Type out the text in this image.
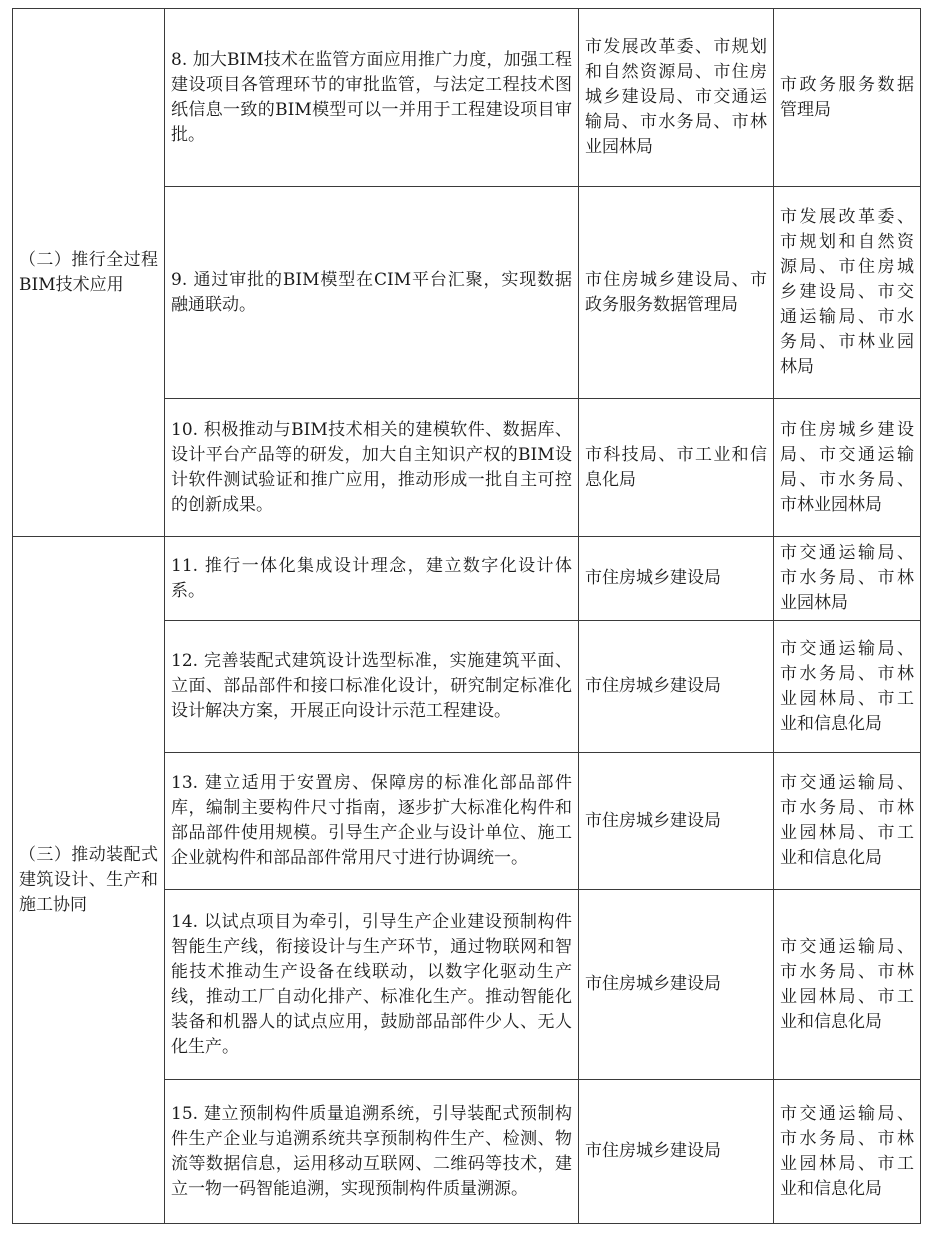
（二）推行全过程BIM技术应用	8. 加大BIM技术在监管方面应用推广力度，加强工程建设项目各管理环节的审批监管，与法定工程技术图纸信息一致的BIM模型可以一并用于工程建设项目审批。	市发展改革委、市规划和自然资源局、市住房城乡建设局、市交通运输局、市水务局、市林业园林局	市政务服务数据管理局
	9. 通过审批的BIM模型在CIM平台汇聚，实现数据融通联动。	市住房城乡建设局、市政务服务数据管理局	市发展改革委、市规划和自然资源局、市住房城乡建设局、市交通运输局、市水务局、市林业园林局
	10. 积极推动与BIM技术相关的建模软件、数据库、设计平台产品等的研发，加大自主知识产权的BIM设计软件测试验证和推广应用，推动形成一批自主可控的创新成果。	市科技局、市工业和信息化局	市住房城乡建设局、市交通运输局、市水务局、市林业园林局
（三）推动装配式建筑设计、生产和施工协同	11. 推行一体化集成设计理念，建立数字化设计体系。	市住房城乡建设局	市交通运输局、市水务局、市林业园林局
	12. 完善装配式建筑设计选型标准，实施建筑平面、立面、部品部件和接口标准化设计，研究制定标准化设计解决方案，开展正向设计示范工程建设。	市住房城乡建设局	市交通运输局、市水务局、市林业园林局、市工业和信息化局
	13. 建立适用于安置房、保障房的标准化部品部件库，编制主要构件尺寸指南，逐步扩大标准化构件和部品部件使用规模。引导生产企业与设计单位、施工企业就构件和部品部件常用尺寸进行协调统一。	市住房城乡建设局	市交通运输局、市水务局、市林业园林局、市工业和信息化局
	14. 以试点项目为牵引，引导生产企业建设预制构件智能生产线，衔接设计与生产环节，通过物联网和智能技术推动生产设备在线联动，以数字化驱动生产线，推动工厂自动化排产、标准化生产。推动智能化装备和机器人的试点应用，鼓励部品部件少人、无人化生产。	市住房城乡建设局	市交通运输局、市水务局、市林业园林局、市工业和信息化局
	15. 建立预制构件质量追溯系统，引导装配式预制构件生产企业与追溯系统共享预制构件生产、检测、物流等数据信息，运用移动互联网、二维码等技术，建立一物一码智能追溯，实现预制构件质量溯源。	市住房城乡建设局	市交通运输局、市水务局、市林业园林局、市工业和信息化局
